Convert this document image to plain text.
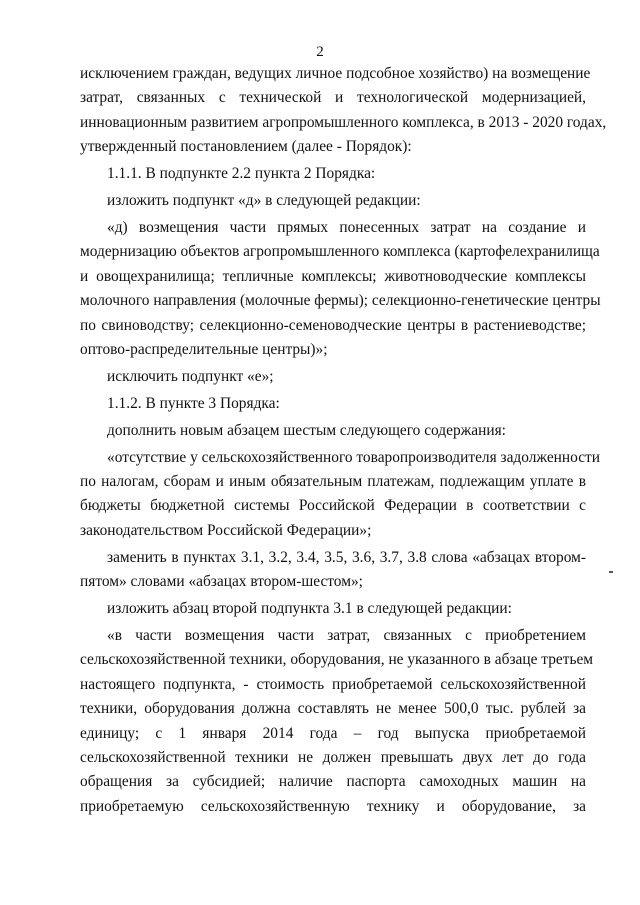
2

исключением граждан, ведущих личное подсобное хозяйство) на возмещение
затрат, связанных с технической и технологической модернизацией,
инновационным развитием агропромышленного комплекса, в 2013 - 2020 годах,
утвержденный постановлением (далее - Порядок):

1.1.1. В подпункте 2.2 пункта 2 Порядка:

изложить подпункт «д» в следующей редакции:

«д) возмещения части прямых понесенных затрат на создание и
модернизацию объектов агропромышленного комплекса (картофелехранилища
и овощехранилища; тепличные комплексы; животноводческие комплексы
молочного направления (молочные фермы); селекционно-генетические центры
по свиноводству; селекционно-семеноводческие центры в растениеводстве;
оптово-распределительные центры)»;

исключить подпункт «е»;

1.1.2. В пункте 3 Порядка:

дополнить новым абзацем шестым следующего содержания:

«отсутствие у сельскохозяйственного товаропроизводителя задолженности
по налогам, сборам и иным обязательным платежам, подлежащим уплате в
бюджеты бюджетной системы Российской Федерации в соответствии с
законодательством Российской Федерации»;

заменить в пунктах 3.1, 3.2, 3.4, 3.5, 3.6, 3.7, 3.8 слова «абзацах втором-
пятом» словами «абзацах втором-шестом»;

изложить абзац второй подпункта 3.1 в следующей редакции:

«в части возмещения части затрат, связанных с приобретением
сельскохозяйственной техники, оборудования, не указанного в абзаце третьем
настоящего подпункта, - стоимость приобретаемой сельскохозяйственной
техники, оборудования должна составлять не менее 500,0 тыс. рублей за
единицу; с 1 января 2014 года – год выпуска приобретаемой
сельскохозяйственной техники не должен превышать двух лет до года
обращения за субсидией; наличие паспорта самоходных машин на
приобретаемую сельскохозяйственную технику и оборудование, за
